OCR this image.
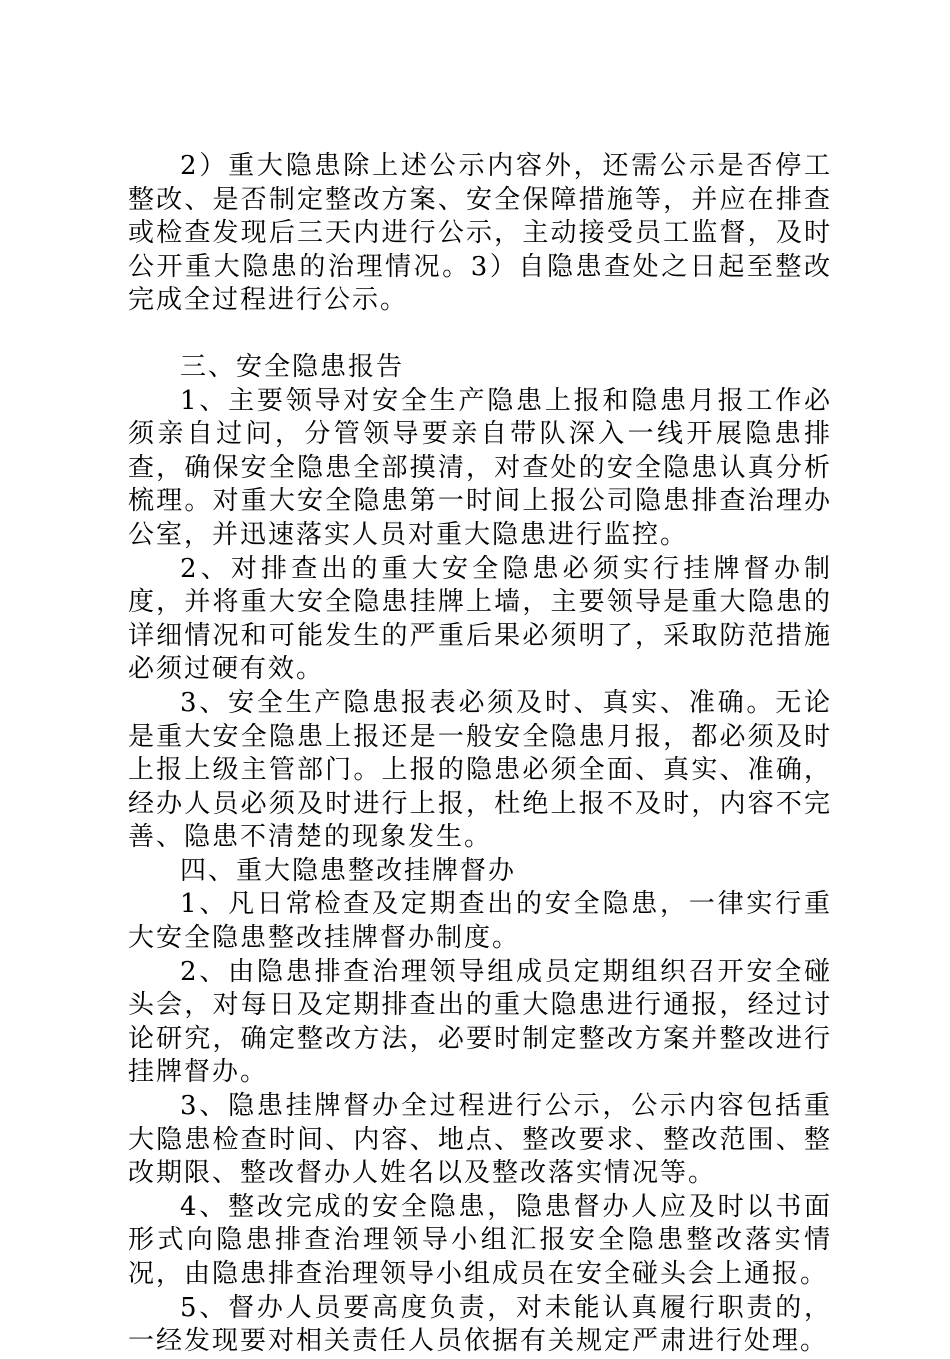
2）重大隐患除上述公示内容外，还需公示是否停工整改、是否制定整改方案、安全保障措施等，并应在排查或检查发现后三天内进行公示，主动接受员工监督，及时公开重大隐患的治理情况。3）自隐患查处之日起至整改完成全过程进行公示。

三、安全隐患报告

1、主要领导对安全生产隐患上报和隐患月报工作必须亲自过问，分管领导要亲自带队深入一线开展隐患排查，确保安全隐患全部摸清，对查处的安全隐患认真分析梳理。对重大安全隐患第一时间上报公司隐患排查治理办公室，并迅速落实人员对重大隐患进行监控。

2、对排查出的重大安全隐患必须实行挂牌督办制度，并将重大安全隐患挂牌上墙，主要领导是重大隐患的详细情况和可能发生的严重后果必须明了，采取防范措施必须过硬有效。

3、安全生产隐患报表必须及时、真实、准确。无论是重大安全隐患上报还是一般安全隐患月报，都必须及时上报上级主管部门。上报的隐患必须全面、真实、准确，经办人员必须及时进行上报，杜绝上报不及时，内容不完善、隐患不清楚的现象发生。

四、重大隐患整改挂牌督办

1、凡日常检查及定期查出的安全隐患，一律实行重大安全隐患整改挂牌督办制度。

2、由隐患排查治理领导组成员定期组织召开安全碰头会，对每日及定期排查出的重大隐患进行通报，经过讨论研究，确定整改方法，必要时制定整改方案并整改进行挂牌督办。

3、隐患挂牌督办全过程进行公示，公示内容包括重大隐患检查时间、内容、地点、整改要求、整改范围、整改期限、整改督办人姓名以及整改落实情况等。

4、整改完成的安全隐患，隐患督办人应及时以书面形式向隐患排查治理领导小组汇报安全隐患整改落实情况，由隐患排查治理领导小组成员在安全碰头会上通报。

5、督办人员要高度负责，对未能认真履行职责的，一经发现要对相关责任人员依据有关规定严肃进行处理。
